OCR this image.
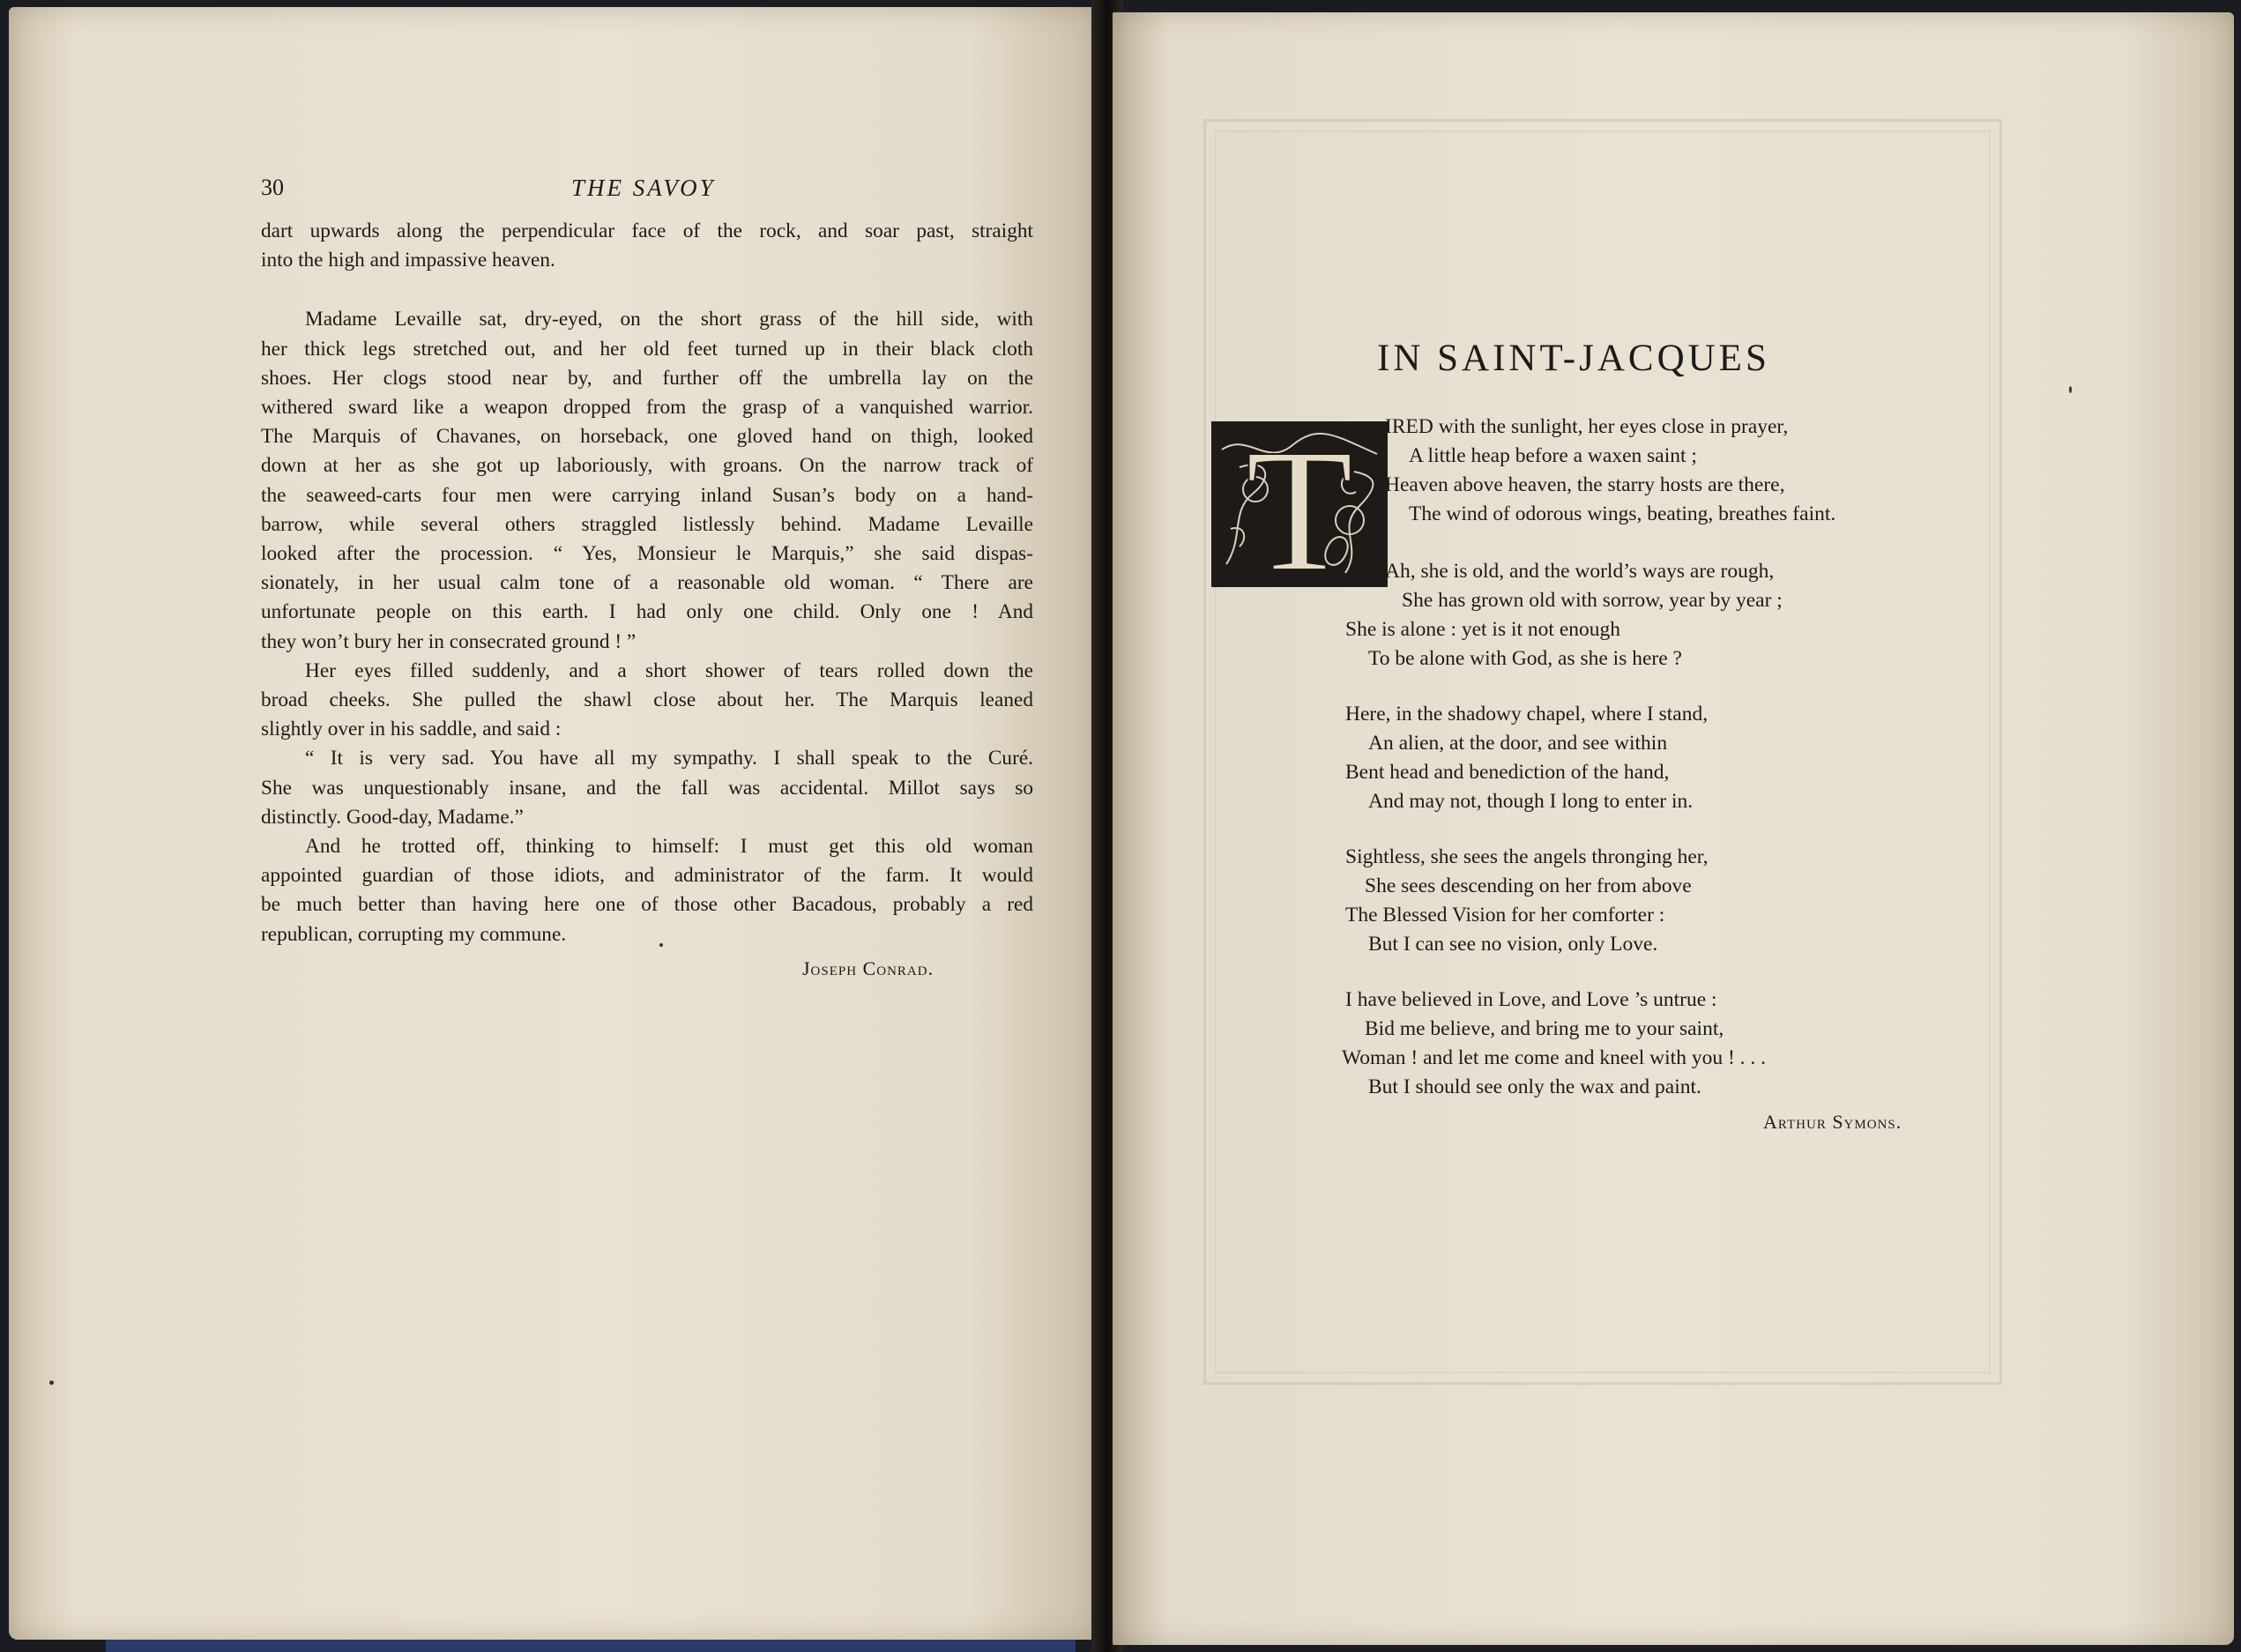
30	THE SAVOY

dart upwards along the perpendicular face of the rock, and soar past, straight

into the high and impassive heaven.

Madame Levaille sat, dry-eyed, on the short grass of the hill side, with

her thick legs stretched out, and her old feet turned up in their black cloth

shoes. Her clogs stood near by, and further off the umbrella lay on the

withered sward like a weapon dropped from the grasp of a vanquished warrior.

The Marquis of Chavanes, on horseback, one gloved hand on thigh, looked

down at her as she got up laboriously, with groans. On the narrow track of

the seaweed-carts four men were carrying inland Susan’s body on a hand-

barrow, while several others straggled listlessly behind. Madame Levaille

looked after the procession. “ Yes, Monsieur le Marquis,” she said dispas-

sionately, in her usual calm tone of a reasonable old woman. “ There are

unfortunate people on this earth. I had only one child. Only one ! And

they won’t bury her in consecrated ground ! ”

Her eyes filled suddenly, and a short shower of tears rolled down the

broad cheeks. She pulled the shawl close about her. The Marquis leaned

slightly over in his saddle, and said :

“ It is very sad. You have all my sympathy. I shall speak to the Curé.

She was unquestionably insane, and the fall was accidental. Millot says so

distinctly. Good-day, Madame.”

And he trotted off, thinking to himself: I must get this old woman

appointed guardian of those idiots, and administrator of the farm. It would

be much better than having here one of those other Bacadous, probably a red

republican, corrupting my commune.

Joseph Conrad.
IN SAINT-JACQUES
T IRED with the sunlight, her eyes close in prayer,
A little heap before a waxen saint ;
Heaven above heaven, the starry hosts are there,
The wind of odorous wings, beating, breathes faint.
Ah, she is old, and the world’s ways are rough,
She has grown old with sorrow, year by year ;
She is alone : yet is it not enough
To be alone with God, as she is here ?
Here, in the shadowy chapel, where I stand,
An alien, at the door, and see within
Bent head and benediction of the hand,
And may not, though I long to enter in.
Sightless, she sees the angels thronging her,
She sees descending on her from above
The Blessed Vision for her comforter :
But I can see no vision, only Love.
I have believed in Love, and Love ’s untrue :
Bid me believe, and bring me to your saint,
Woman ! and let me come and kneel with you ! . . .
But I should see only the wax and paint.
Arthur Symons.
